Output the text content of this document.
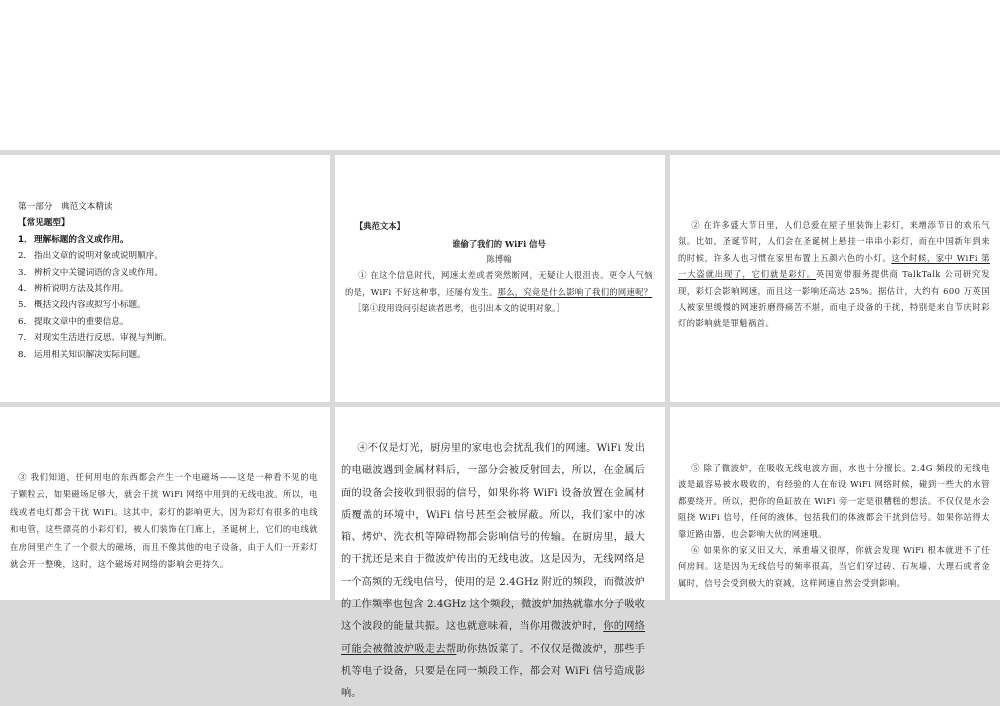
第一部分　典范文本精读
【常见题型】
1．理解标题的含义或作用。
2． 指出文章的说明对象或说明顺序。
3． 辨析文中关键词语的含义或作用。
4． 辨析说明方法及其作用。
5． 概括文段内容或拟写小标题。
6． 提取文章中的重要信息。
7． 对现实生活进行反思、审视与判断。
8． 运用相关知识解决实际问题。
【典范文本】
谁偷了我们的 WiFi 信号
陈博翰
① 在这个信息时代，网速太差或者突然断网，无疑让人很沮丧。更令人气恼的是，WiFi 不好这种事，还屡有发生。那么，究竟是什么影响了我们的网速呢？
［第①段用设问引起读者思考，也引出本文的说明对象。］
② 在许多盛大节日里，人们总爱在屋子里装饰上彩灯，来增添节日的欢乐气氛。比如，圣诞节时，人们会在圣诞树上悬挂一串串小彩灯，而在中国新年到来的时候，许多人也习惯在家里布置上五颜六色的小灯。这个时候，家中 WiFi 第一大盗就出现了，它们就是彩灯。英国宽带服务提供商 TalkTalk 公司研究发现，彩灯会影响网速，而且这一影响还高达 25%。据估计，大约有 600 万英国人被家里缓慢的网速折磨得痛苦不堪，而电子设备的干扰，特别是来自节庆时彩灯的影响就是罪魁祸首。
③ 我们知道，任何用电的东西都会产生一个电磁场——这是一种看不见的电子颗粒云，如果磁场足够大，就会干扰 WiFi 网络中用到的无线电波。所以，电线或者电灯都会干扰 WiFi。这其中，彩灯的影响更大，因为彩灯有很多的电线和电管，这些漂亮的小彩灯们，被人们装饰在门廊上，圣诞树上，它们的电线就在房间里产生了一个很大的磁场，而且不像其他的电子设备，由于人们一开彩灯就会开一整晚，这时，这个磁场对网络的影响会更持久。
④不仅是灯光，厨房里的家电也会扰乱我们的网速。WiFi 发出的电磁波遇到金属材料后，一部分会被反射回去，所以，在金属后面的设备会接收到很弱的信号，如果你将 WiFi 设备放置在金属材质覆盖的环境中，WiFi 信号甚至会被屏蔽。所以，我们家中的冰箱、烤炉、洗衣机等障碍物都会影响信号的传输。在厨房里，最大的干扰还是来自于微波炉传出的无线电波。这是因为，无线网络是一个高频的无线电信号，使用的是 2.4GHz 附近的频段，而微波炉的工作频率也包含 2.4GHz 这个频段，微波炉加热就靠水分子吸收这个波段的能量共振。这也就意味着，当你用微波炉时，你的网络可能会被微波炉吸走去帮助你热饭菜了。不仅仅是微波炉，那些手机等电子设备，只要是在同一频段工作，都会对 WiFi 信号造成影响。
⑤ 除了微波炉，在吸收无线电波方面，水也十分擅长。2.4G 频段的无线电波是最容易被水吸收的，有经验的人在布设 WiFi 网络时候，碰到一些大的水管都要绕开。所以，把你的鱼缸放在 WiFi 旁一定是很糟糕的想法。不仅仅是水会阻挠 WiFi 信号，任何的液体，包括我们的体液都会干扰到信号。如果你站得太靠近路由器，也会影响大伙的网速哦。
⑥ 如果你的家又旧又大，承重墙又很厚，你就会发现 WiFi 根本就进不了任何房间。这是因为无线信号的频率很高，当它们穿过砖、石灰墙、大理石或者金属时，信号会受到极大的衰减，这样网速自然会受到影响。
